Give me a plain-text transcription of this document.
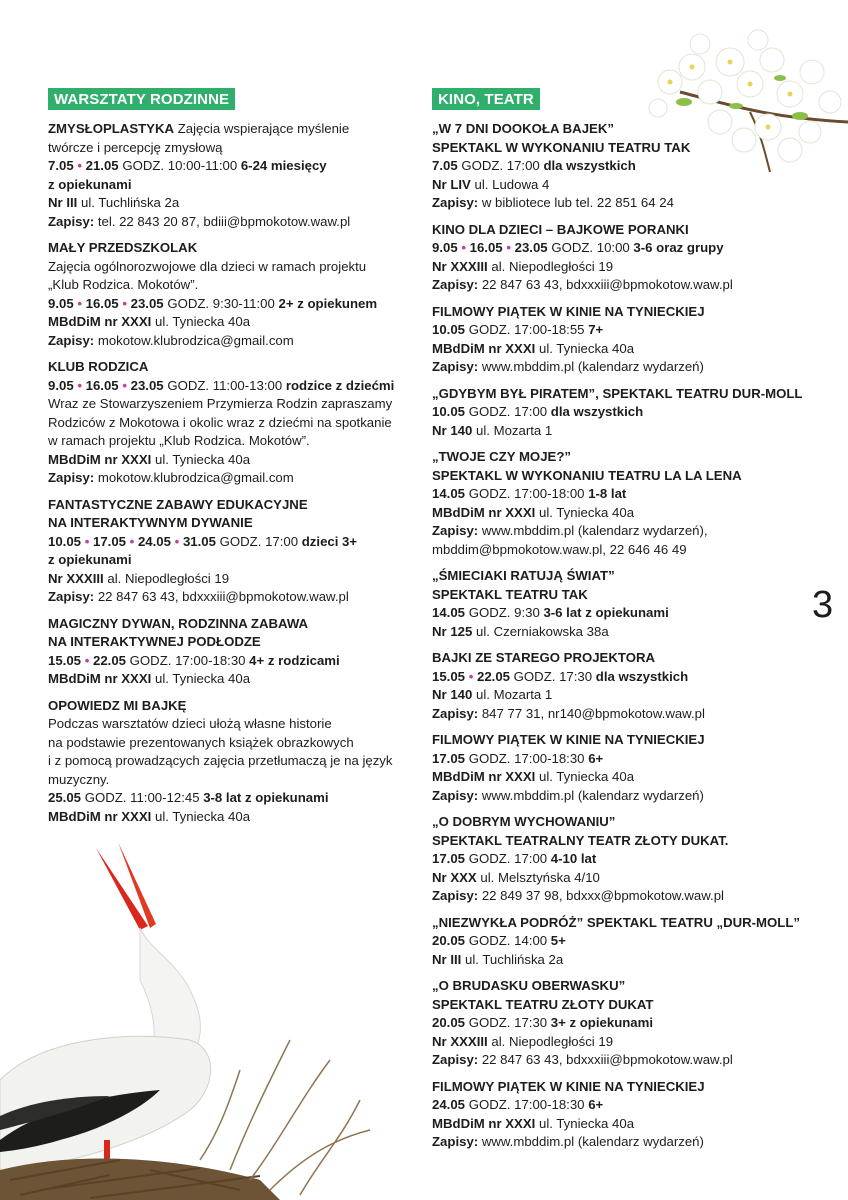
WARSZTATY RODZINNE
ZMYSŁOPLASTYKA Zajęcia wspierające myślenie
twórcze i percepcję zmysłową
7.05 • 21.05 GODZ. 10:00-11:00 6-24 miesięcy
z opiekunami
Nr III ul. Tuchlińska 2a
Zapisy: tel. 22 843 20 87, bdiii@bpmokotow.waw.pl
MAŁY PRZEDSZKOLAK
Zajęcia ogólnorozwojowe dla dzieci w ramach projektu
„Klub Rodzica. Mokotów”.
9.05 • 16.05 • 23.05 GODZ. 9:30-11:00 2+ z opiekunem
MBdDiM nr XXXI ul. Tyniecka 40a
Zapisy: mokotow.klubrodzica@gmail.com
KLUB RODZICA
9.05 • 16.05 • 23.05 GODZ. 11:00-13:00 rodzice z dziećmi
Wraz ze Stowarzyszeniem Przymierza Rodzin zapraszamy
Rodziców z Mokotowa i okolic wraz z dziećmi na spotkanie
w ramach projektu „Klub Rodzica. Mokotów”.
MBdDiM nr XXXI ul. Tyniecka 40a
Zapisy: mokotow.klubrodzica@gmail.com
FANTASTYCZNE ZABAWY EDUKACYJNE
NA INTERAKTYWNYM DYWANIE
10.05 • 17.05 • 24.05 • 31.05 GODZ. 17:00 dzieci 3+
z opiekunami
Nr XXXIII al. Niepodległości 19
Zapisy: 22 847 63 43, bdxxxiii@bpmokotow.waw.pl
MAGICZNY DYWAN, RODZINNA ZABAWA
NA INTERAKTYWNEJ PODŁODZE
15.05 • 22.05 GODZ. 17:00-18:30 4+ z rodzicami
MBdDiM nr XXXI ul. Tyniecka 40a
OPOWIEDZ MI BAJKĘ
Podczas warsztatów dzieci ułożą własne historie
na podstawie prezentowanych książek obrazkowych
i z pomocą prowadzących zajęcia przetłumaczą je na język
muzyczny.
25.05 GODZ. 11:00-12:45 3-8 lat z opiekunami
MBdDiM nr XXXI ul. Tyniecka 40a
KINO, TEATR
„W 7 DNI DOOKOŁA BAJEK”
SPEKTAKL W WYKONANIU TEATRU TAK
7.05 GODZ. 17:00 dla wszystkich
Nr LIV ul. Ludowa 4
Zapisy: w bibliotece lub tel. 22 851 64 24
KINO DLA DZIECI – BAJKOWE PORANKI
9.05 • 16.05 • 23.05 GODZ. 10:00 3-6 oraz grupy
Nr XXXIII al. Niepodległości 19
Zapisy: 22 847 63 43, bdxxxiii@bpmokotow.waw.pl
FILMOWY PIĄTEK W KINIE NA TYNIECKIEJ
10.05 GODZ. 17:00-18:55 7+
MBdDiM nr XXXI ul. Tyniecka 40a
Zapisy: www.mbddim.pl (kalendarz wydarzeń)
„GDYBYM BYŁ PIRATEM”, SPEKTAKL TEATRU DUR-MOLL
10.05 GODZ. 17:00 dla wszystkich
Nr 140 ul. Mozarta 1
„TWOJE CZY MOJE?”
SPEKTAKL W WYKONANIU TEATRU LA LA LENA
14.05 GODZ. 17:00-18:00 1-8 lat
MBdDiM nr XXXI ul. Tyniecka 40a
Zapisy: www.mbddim.pl (kalendarz wydarzeń),
mbddim@bpmokotow.waw.pl, 22 646 46 49
„ŚMIECIAKI RATUJĄ ŚWIAT”
SPEKTAKL TEATRU TAK
14.05 GODZ. 9:30 3-6 lat z opiekunami
Nr 125 ul. Czerniakowska 38a
BAJKI ZE STAREGO PROJEKTORA
15.05 • 22.05 GODZ. 17:30 dla wszystkich
Nr 140 ul. Mozarta 1
Zapisy: 847 77 31, nr140@bpmokotow.waw.pl
FILMOWY PIĄTEK W KINIE NA TYNIECKIEJ
17.05 GODZ. 17:00-18:30 6+
MBdDiM nr XXXI ul. Tyniecka 40a
Zapisy: www.mbddim.pl (kalendarz wydarzeń)
„O DOBRYM WYCHOWANIU”
SPEKTAKL TEATRALNY TEATR ZŁOTY DUKAT.
17.05 GODZ. 17:00 4-10 lat
Nr XXX ul. Melsztyńska 4/10
Zapisy: 22 849 37 98, bdxxx@bpmokotow.waw.pl
„NIEZWYKŁA PODRÓŻ” SPEKTAKL TEATRU „DUR-MOLL”
20.05 GODZ. 14:00 5+
Nr III ul. Tuchlińska 2a
„O BRUDASKU OBERWASKU”
SPEKTAKL TEATRU ZŁOTY DUKAT
20.05 GODZ. 17:30 3+ z opiekunami
Nr XXXIII al. Niepodległości 19
Zapisy: 22 847 63 43, bdxxxiii@bpmokotow.waw.pl
FILMOWY PIĄTEK W KINIE NA TYNIECKIEJ
24.05 GODZ. 17:00-18:30 6+
MBdDiM nr XXXI ul. Tyniecka 40a
Zapisy: www.mbddim.pl (kalendarz wydarzeń)
3
